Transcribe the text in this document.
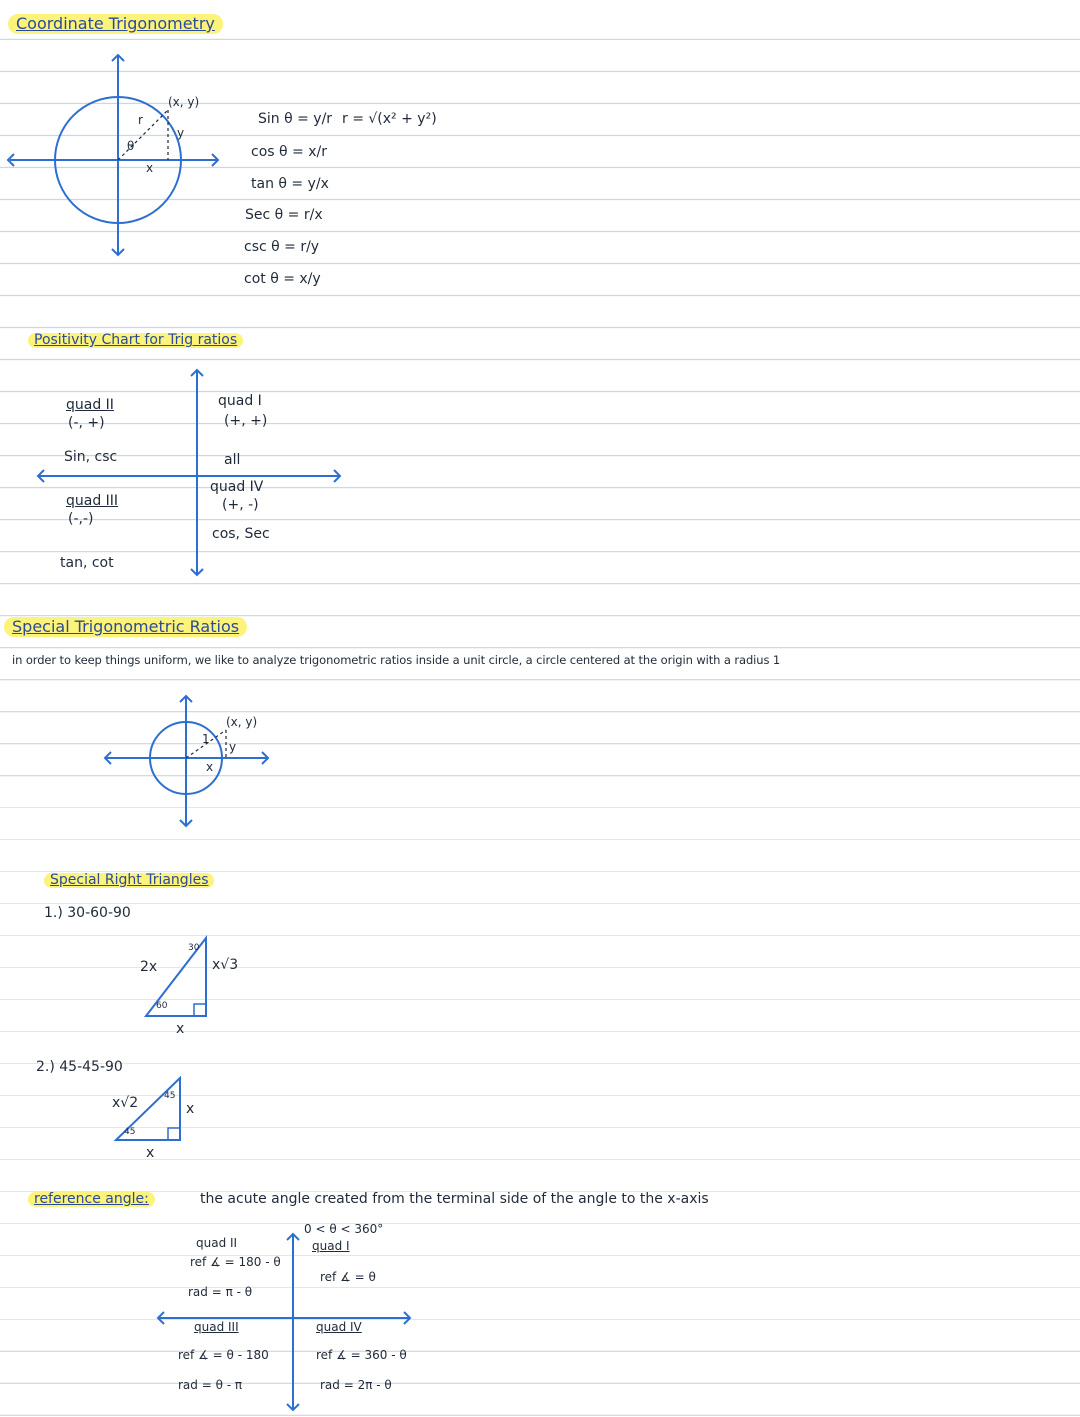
Coordinate Trigonometry
(x, y)
r
θ
x
y
Sin θ = y/r r = √(x² + y²)
cos θ = x/r
tan θ = y/x
Sec θ = r/x
csc θ = r/y
cot θ = x/y
Positivity Chart for Trig ratios
quad II
(-, +)
Sin, csc
quad I
(+, +)
all
quad III
(-,-)
tan, cot
quad IV
(+, -)
cos, Sec
Special Trigonometric Ratios
in order to keep things uniform, we like to analyze trigonometric ratios inside a unit circle, a circle centered at the origin with a radius 1
(x, y)
1
x
y
Special Right Triangles
1.) 30-60-90
2x	x√3
x
30
60
2.) 45-45-90
x√2	x
x
45
45
reference angle:	the acute angle created from the terminal side of the angle to the x-axis
0 < θ < 360°
quad I
ref ∡ = θ
quad II
ref ∡ = 180 - θ
rad = π - θ
quad III
ref ∡ = θ - 180
rad = θ - π
quad IV
ref ∡ = 360 - θ
rad = 2π - θ
